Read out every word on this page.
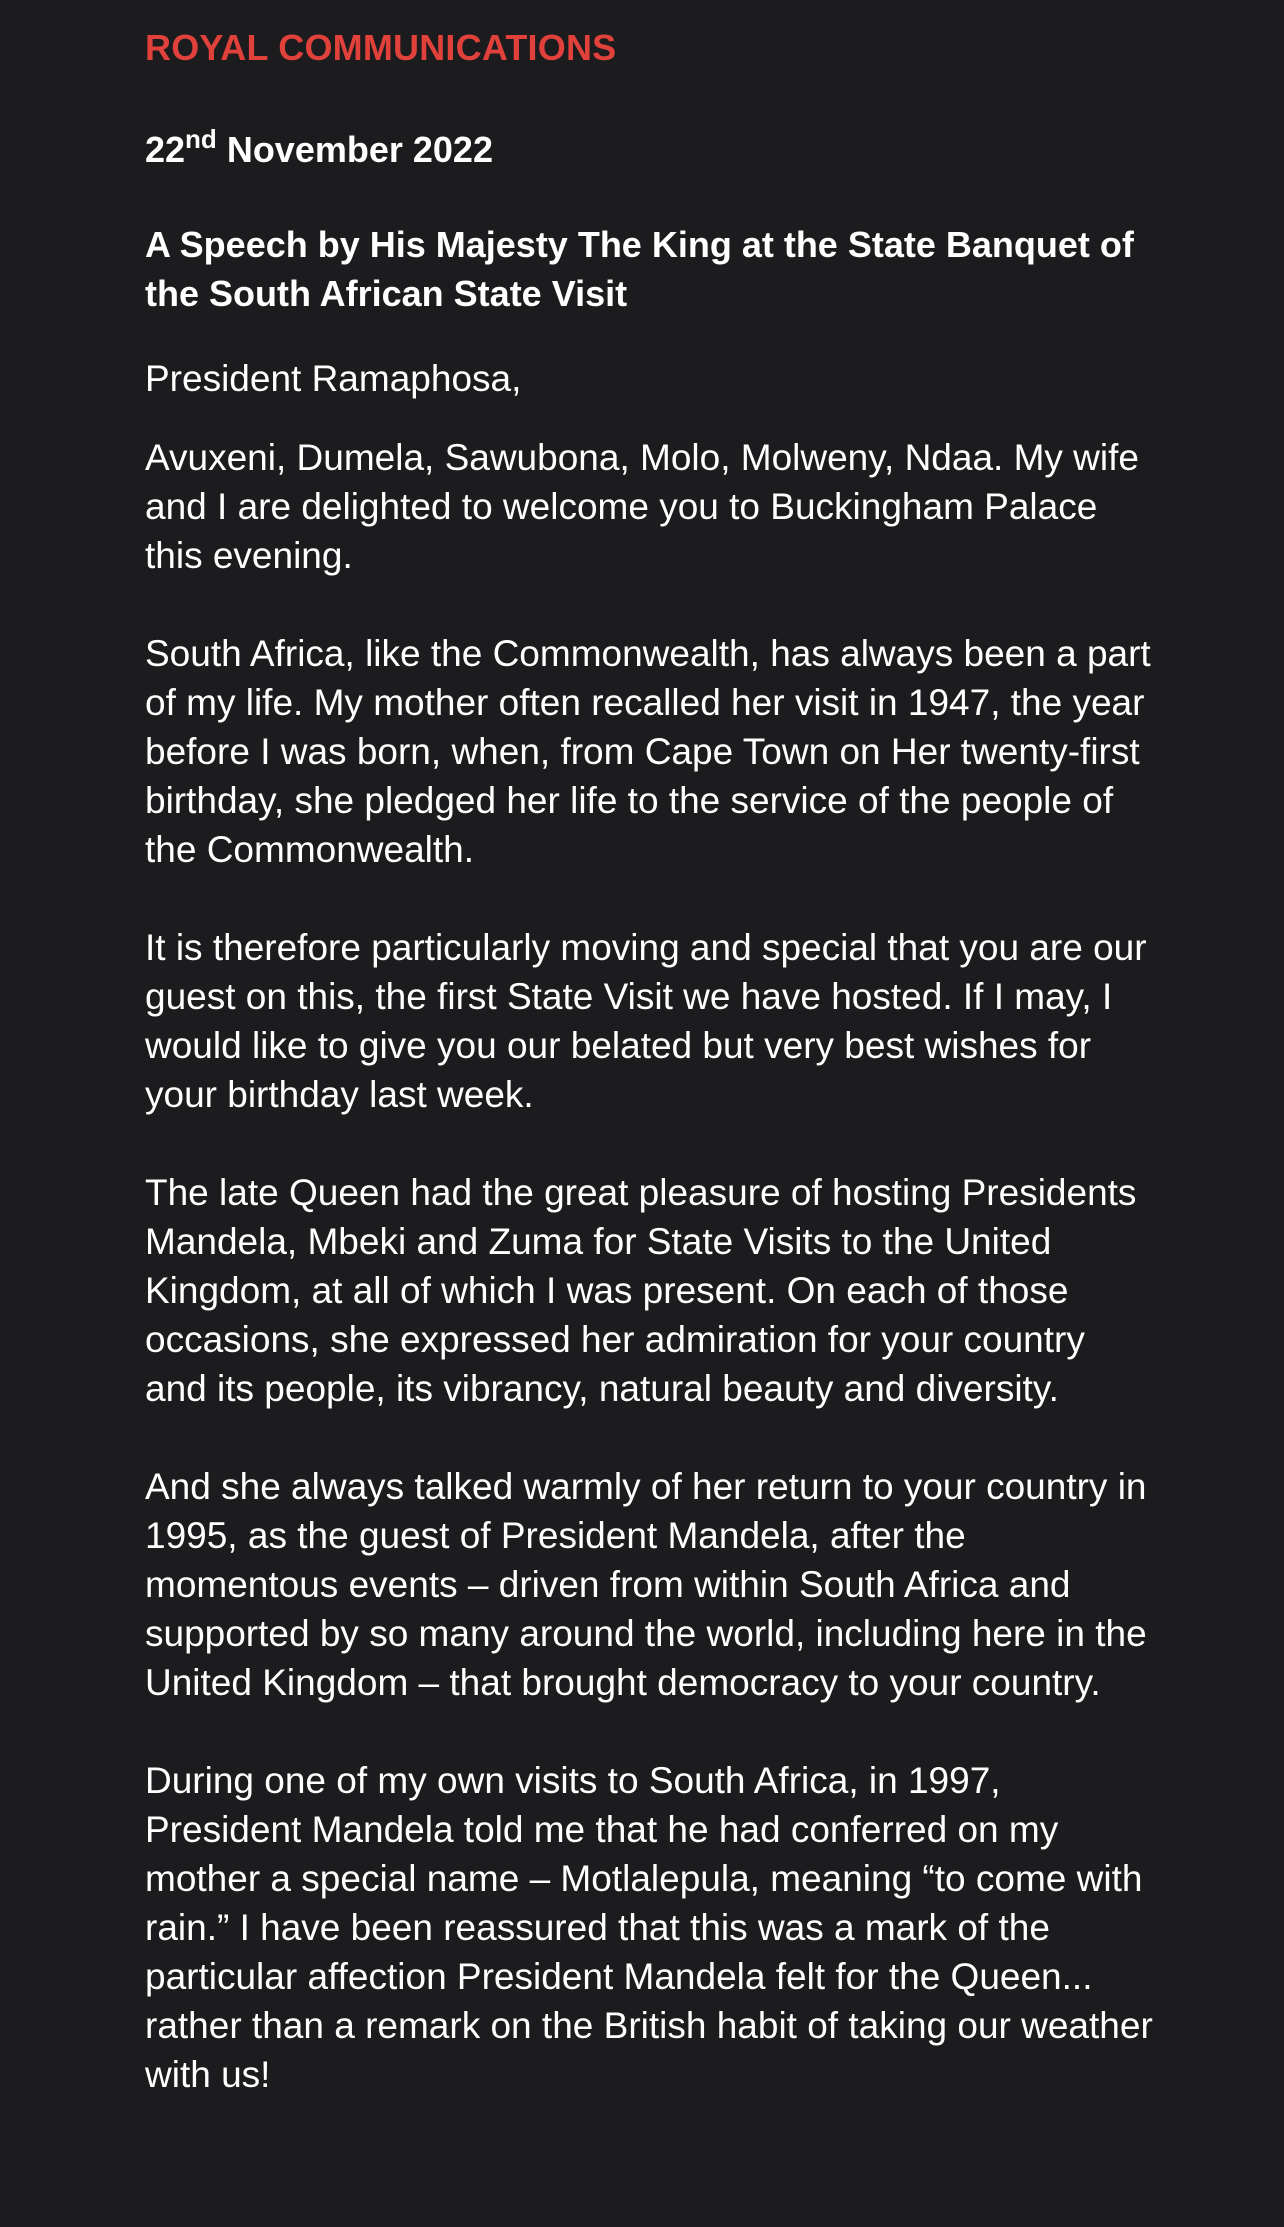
ROYAL COMMUNICATIONS

22nd November 2022

A Speech by His Majesty The King at the State Banquet of the South African State Visit

President Ramaphosa,

Avuxeni, Dumela, Sawubona, Molo, Molweny, Ndaa. My wife and I are delighted to welcome you to Buckingham Palace this evening.

South Africa, like the Commonwealth, has always been a part of my life. My mother often recalled her visit in 1947, the year before I was born, when, from Cape Town on Her twenty-first birthday, she pledged her life to the service of the people of the Commonwealth.

It is therefore particularly moving and special that you are our guest on this, the first State Visit we have hosted. If I may, I would like to give you our belated but very best wishes for your birthday last week.

The late Queen had the great pleasure of hosting Presidents Mandela, Mbeki and Zuma for State Visits to the United Kingdom, at all of which I was present. On each of those occasions, she expressed her admiration for your country and its people, its vibrancy, natural beauty and diversity.

And she always talked warmly of her return to your country in 1995, as the guest of President Mandela, after the momentous events – driven from within South Africa and supported by so many around the world, including here in the United Kingdom – that brought democracy to your country.

During one of my own visits to South Africa, in 1997, President Mandela told me that he had conferred on my mother a special name – Motlalepula, meaning “to come with rain.” I have been reassured that this was a mark of the particular affection President Mandela felt for the Queen... rather than a remark on the British habit of taking our weather with us!
